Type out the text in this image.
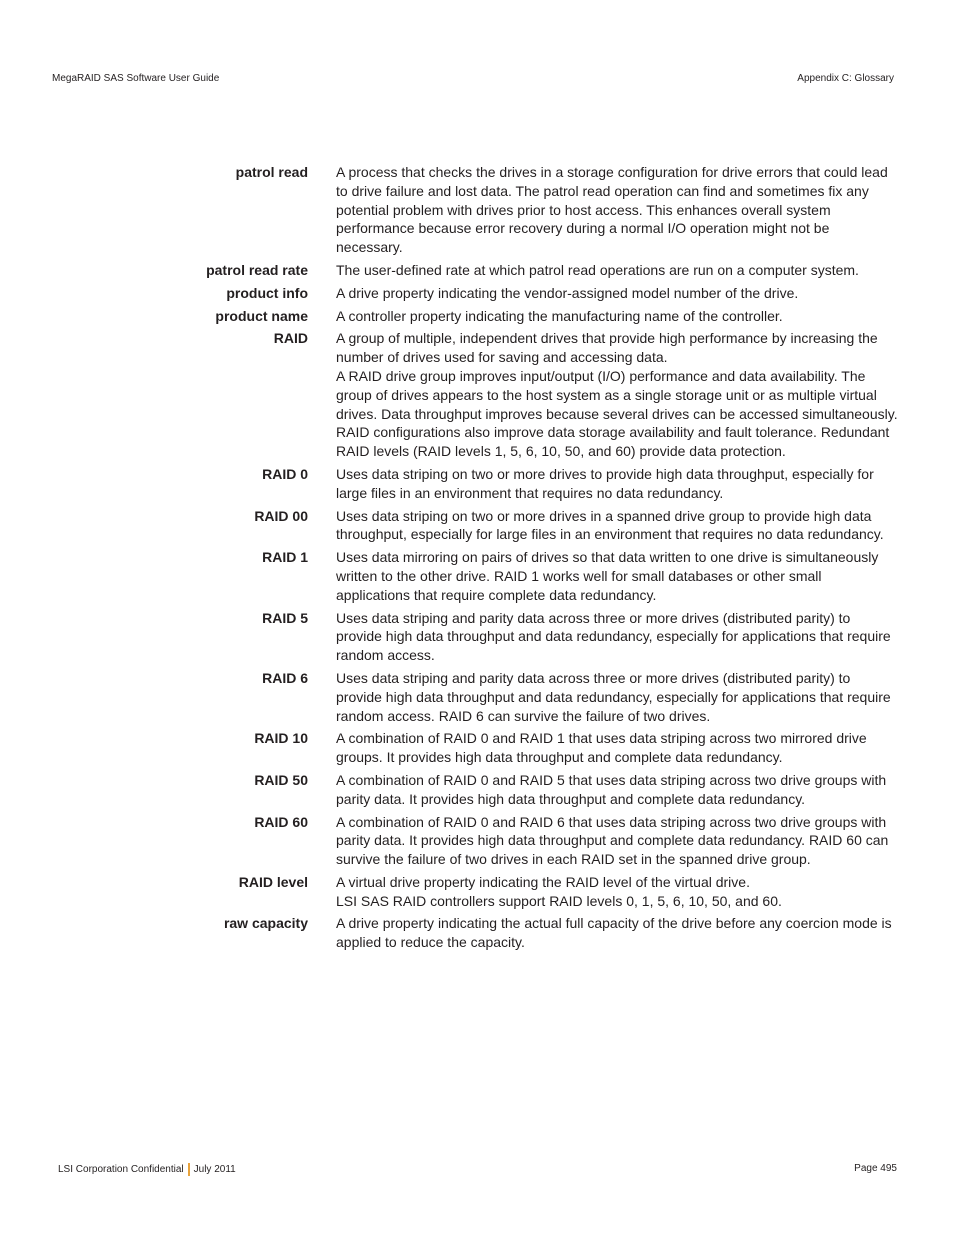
MegaRAID SAS Software User Guide	Appendix C: Glossary
patrol read A process that checks the drives in a storage configuration for drive errors that could lead to drive failure and lost data. The patrol read operation can find and sometimes fix any potential problem with drives prior to host access. This enhances overall system performance because error recovery during a normal I/O operation might not be necessary.

patrol read rate The user-defined rate at which patrol read operations are run on a computer system.

product info A drive property indicating the vendor-assigned model number of the drive.

product name A controller property indicating the manufacturing name of the controller.

RAID A group of multiple, independent drives that provide high performance by increasing the number of drives used for saving and accessing data.

A RAID drive group improves input/output (I/O) performance and data availability. The group of drives appears to the host system as a single storage unit or as multiple virtual drives. Data throughput improves because several drives can be accessed simultaneously. RAID configurations also improve data storage availability and fault tolerance. Redundant RAID levels (RAID levels 1, 5, 6, 10, 50, and 60) provide data protection.

RAID 0 Uses data striping on two or more drives to provide high data throughput, especially for large files in an environment that requires no data redundancy.

RAID 00 Uses data striping on two or more drives in a spanned drive group to provide high data throughput, especially for large files in an environment that requires no data redundancy.

RAID 1 Uses data mirroring on pairs of drives so that data written to one drive is simultaneously written to the other drive. RAID 1 works well for small databases or other small applications that require complete data redundancy.

RAID 5 Uses data striping and parity data across three or more drives (distributed parity) to provide high data throughput and data redundancy, especially for applications that require random access.

RAID 6 Uses data striping and parity data across three or more drives (distributed parity) to provide high data throughput and data redundancy, especially for applications that require random access. RAID 6 can survive the failure of two drives.

RAID 10 A combination of RAID 0 and RAID 1 that uses data striping across two mirrored drive groups. It provides high data throughput and complete data redundancy.

RAID 50 A combination of RAID 0 and RAID 5 that uses data striping across two drive groups with parity data. It provides high data throughput and complete data redundancy.

RAID 60 A combination of RAID 0 and RAID 6 that uses data striping across two drive groups with parity data. It provides high data throughput and complete data redundancy. RAID 60 can survive the failure of two drives in each RAID set in the spanned drive group.

RAID level A virtual drive property indicating the RAID level of the virtual drive.

LSI SAS RAID controllers support RAID levels 0, 1, 5, 6, 10, 50, and 60.

raw capacity A drive property indicating the actual full capacity of the drive before any coercion mode is applied to reduce the capacity.

LSI Corporation Confidential July 2011	Page 495
